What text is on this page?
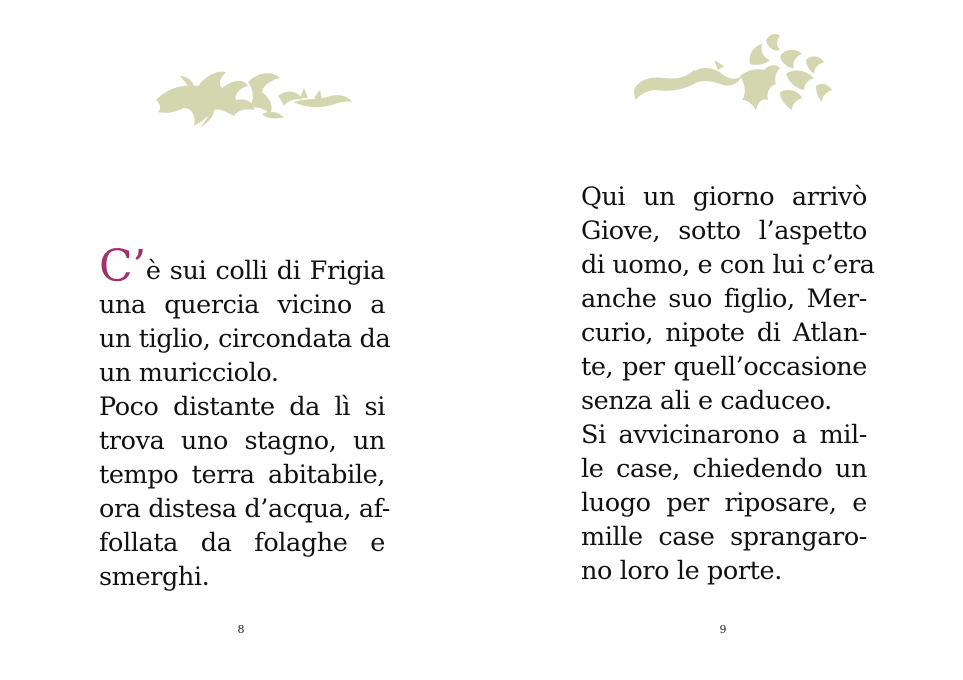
C’è sui colli di Frigia
una quercia vicino a
un tiglio, circondata da
un muricciolo.
Poco distante da lì si
trova uno stagno, un
tempo terra abitabile,
ora distesa d’acqua, af-
follata da folaghe e
smerghi.
8
Qui un giorno arrivò
Giove, sotto l’aspetto
di uomo, e con lui c’era
anche suo figlio, Mer-
curio, nipote di Atlan-
te, per quell’occasione
senza ali e caduceo.
Si avvicinarono a mil-
le case, chiedendo un
luogo per riposare, e
mille case sprangaro-
no loro le porte.
9
